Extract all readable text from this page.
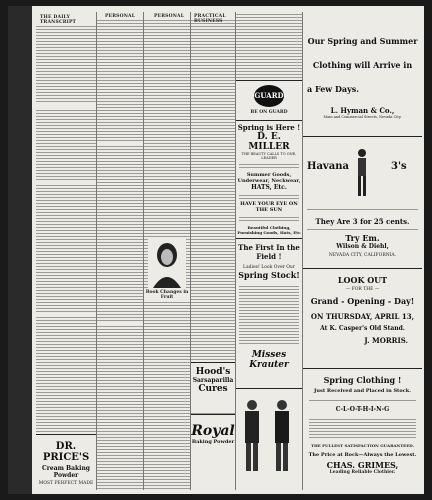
THE DAILY TRANSCRIPT
DR. PRICE'S
Cream Baking Powder
MOST PERFECT MADE
PERSONAL	PERSONAL
Book Changes in Fruit
PRACTICAL BUSINESS
Hood's
Sarsaparilla
Cures
Royal
Baking Powder
GUARD
BE ON GUARD
Spring is Here !
D. E. MILLER
THE BEAUTY CALLS TO ONE, LEADER
Summer Goods, Underwear, Neckwear,
HATS, Etc.
HAVE YOUR EYE ON THE SUN
Beautiful Clothing, Furnishing Goods, Hats, Etc
The First In the Field !
Ladies! Look Over Our
Spring Stock!
Misses Krauter
Our Spring and Summer
Clothing will Arrive in
a Few Days.
L. Hyman & Co.,
Main and Commercial Streets, Nevada City.
Havana	3's
They Are 3 for 25 cents.
Try Em.
Wilson & Diehl,
NEVADA CITY, CALIFORNIA.
LOOK OUT
— FOR THE —
Grand - Opening - Day!
ON THURSDAY, APRIL 13,
At K. Casper's Old Stand.
J. MORRIS.
Spring Clothing !
Just Received and Placed in Stock.
C-L-O-T-H-I-N-G
THE FULLEST SATISFACTION GUARANTEED.
The Price at Rock—Always the Lowest.
CHAS. GRIMES,
Leading Reliable Clothier.
